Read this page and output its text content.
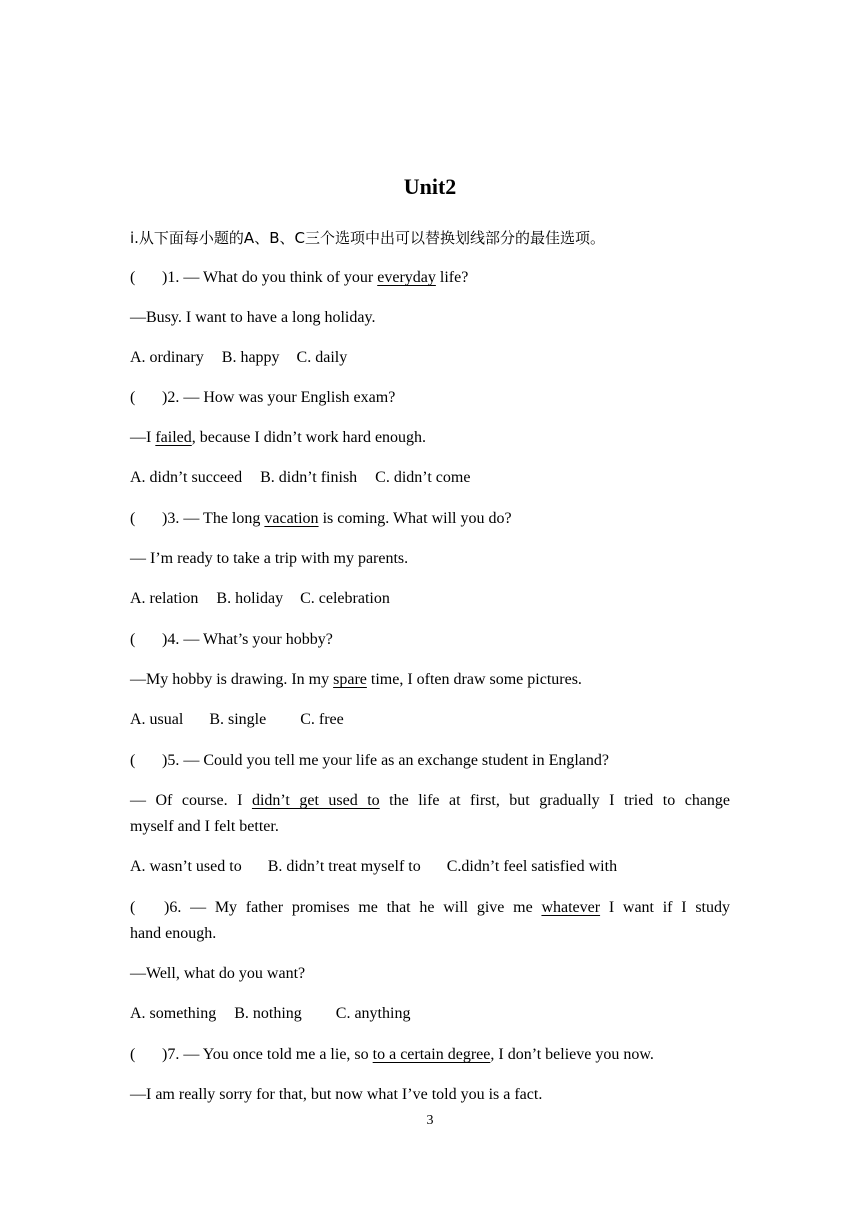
Unit2
i.从下面每小题的A、B、C三个选项中出可以替换划线部分的最佳选项。
( )1. — What do you think of your everyday life?
—Busy. I want to have a long holiday.
A. ordinary B. happy C. daily
( )2. — How was your English exam?
—I failed, because I didn’t work hard enough.
A. didn’t succeed B. didn’t finish C. didn’t come
( )3. — The long vacation is coming. What will you do?
— I’m ready to take a trip with my parents.
A. relation B. holiday C. celebration
( )4. — What’s your hobby?
—My hobby is drawing. In my spare time, I often draw some pictures.
A. usual B. single C. free
( )5. — Could you tell me your life as an exchange student in England?
— Of course. I didn’t get used to the life at first, but gradually I tried to change
myself and I felt better.
A. wasn’t used to B. didn’t treat myself to C.didn’t feel satisfied with
( )6. — My father promises me that he will give me whatever I want if I study
hand enough.
—Well, what do you want?
A. something B. nothing C. anything
( )7. — You once told me a lie, so to a certain degree, I don’t believe you now.
—I am really sorry for that, but now what I’ve told you is a fact.
3
